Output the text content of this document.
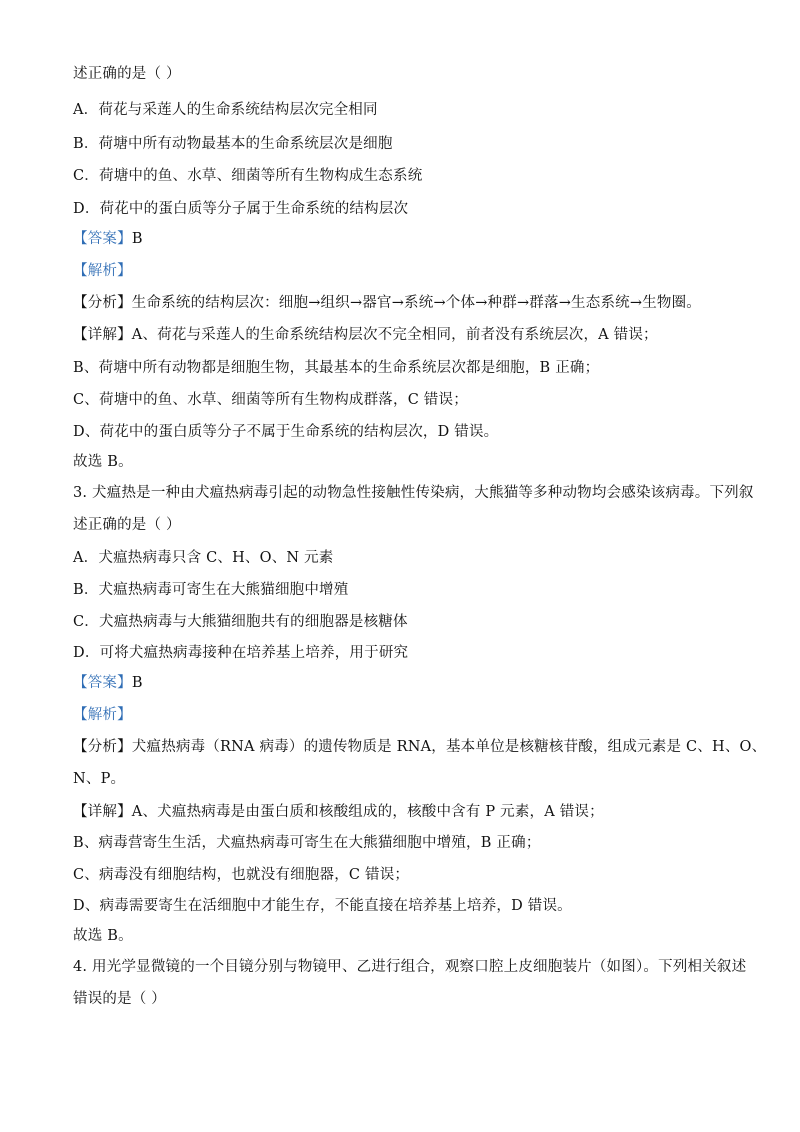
述正确的是（ ）
A．荷花与采莲人的生命系统结构层次完全相同
B．荷塘中所有动物最基本的生命系统层次是细胞
C．荷塘中的鱼、水草、细菌等所有生物构成生态系统
D．荷花中的蛋白质等分子属于生命系统的结构层次
【答案】B
【解析】
【分析】生命系统的结构层次：细胞→组织→器官→系统→个体→种群→群落→生态系统→生物圈。
【详解】A、荷花与采莲人的生命系统结构层次不完全相同，前者没有系统层次，A 错误；
B、荷塘中所有动物都是细胞生物，其最基本的生命系统层次都是细胞，B 正确；
C、荷塘中的鱼、水草、细菌等所有生物构成群落，C 错误；
D、荷花中的蛋白质等分子不属于生命系统的结构层次，D 错误。
故选 B。
3. 犬瘟热是一种由犬瘟热病毒引起的动物急性接触性传染病，大熊猫等多种动物均会感染该病毒。下列叙
述正确的是（ ）
A．犬瘟热病毒只含 C、H、O、N 元素
B．犬瘟热病毒可寄生在大熊猫细胞中增殖
C．犬瘟热病毒与大熊猫细胞共有的细胞器是核糖体
D．可将犬瘟热病毒接种在培养基上培养，用于研究
【答案】B
【解析】
【分析】犬瘟热病毒（RNA 病毒）的遗传物质是 RNA，基本单位是核糖核苷酸，组成元素是 C、H、O、
N、P。
【详解】A、犬瘟热病毒是由蛋白质和核酸组成的，核酸中含有 P 元素，A 错误；
B、病毒营寄生生活，犬瘟热病毒可寄生在大熊猫细胞中增殖，B 正确；
C、病毒没有细胞结构，也就没有细胞器，C 错误；
D、病毒需要寄生在活细胞中才能生存，不能直接在培养基上培养，D 错误。
故选 B。
4. 用光学显微镜的一个目镜分别与物镜甲、乙进行组合，观察口腔上皮细胞装片（如图）。下列相关叙述
错误的是（ ）
